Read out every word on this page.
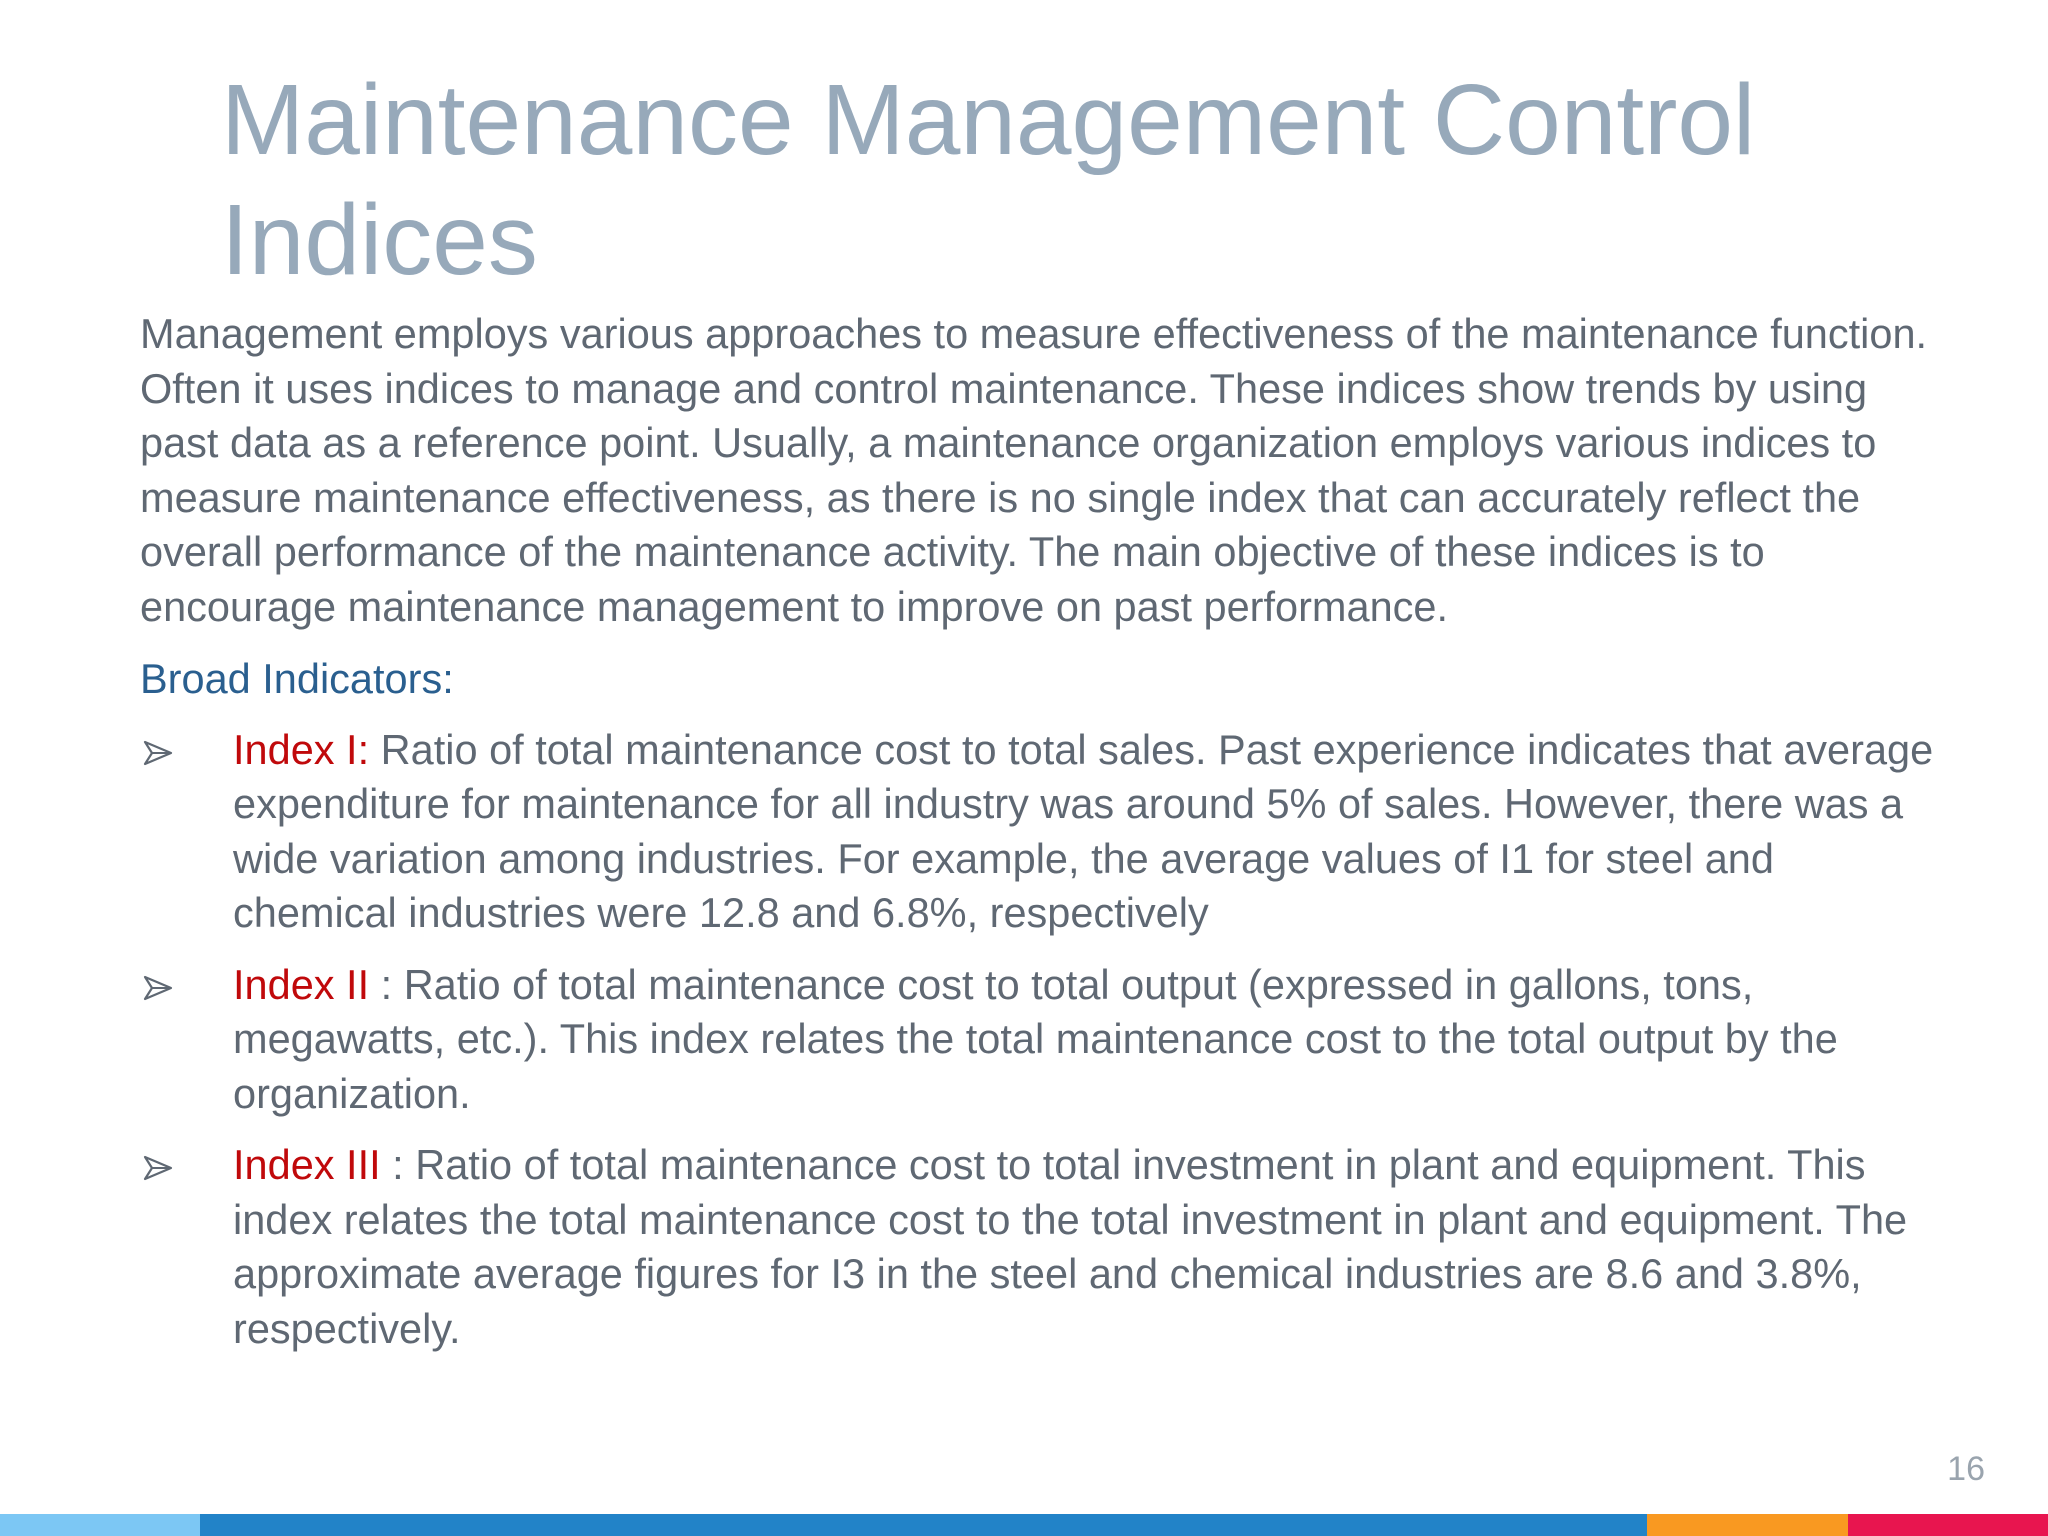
Maintenance Management Control Indices

Management employs various approaches to measure effectiveness of the maintenance function. Often it uses indices to manage and control maintenance. These indices show trends by using past data as a reference point. Usually, a maintenance organization employs various indices to measure maintenance effectiveness, as there is no single index that can accurately reflect the overall performance of the maintenance activity. The main objective of these indices is to encourage maintenance management to improve on past performance.

Broad Indicators:

Index I: Ratio of total maintenance cost to total sales. Past experience indicates that average expenditure for maintenance for all industry was around 5% of sales. However, there was a wide variation among industries. For example, the average values of I1 for steel and chemical industries were 12.8 and 6.8%, respectively
Index II : Ratio of total maintenance cost to total output (expressed in gallons, tons, megawatts, etc.). This index relates the total maintenance cost to the total output by the organization.
Index III : Ratio of total maintenance cost to total investment in plant and equipment. This index relates the total maintenance cost to the total investment in plant and equipment. The approximate average figures for I3 in the steel and chemical industries are 8.6 and 3.8%, respectively.
16
